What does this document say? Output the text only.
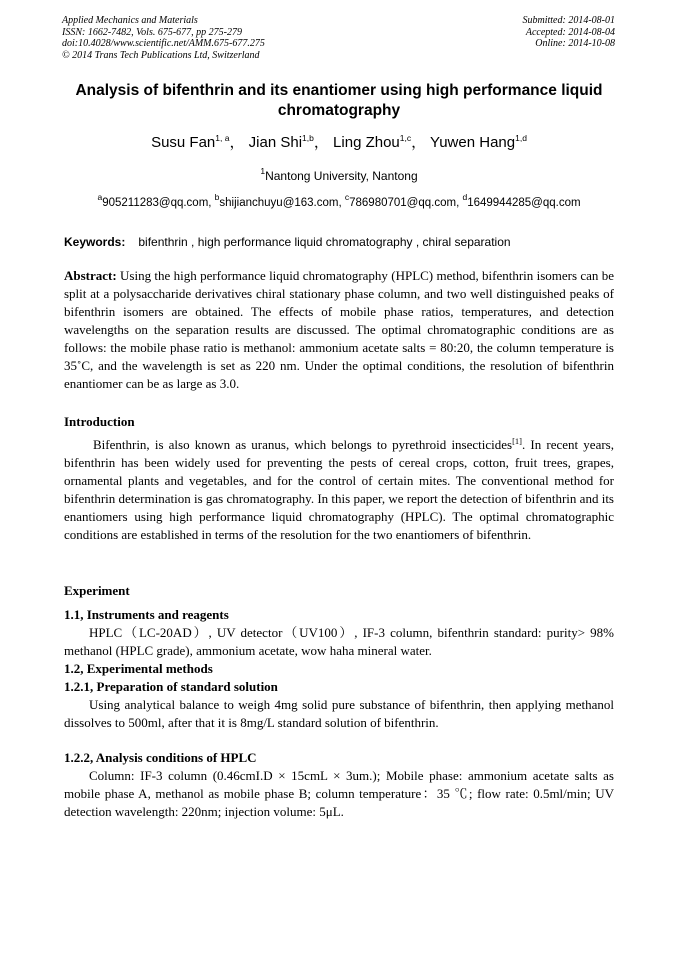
Applied Mechanics and Materials
ISSN: 1662-7482, Vols. 675-677, pp 275-279
doi:10.4028/www.scientific.net/AMM.675-677.275
© 2014 Trans Tech Publications Ltd, Switzerland
Submitted: 2014-08-01
Accepted: 2014-08-04
Online: 2014-10-08
Analysis of bifenthrin and its enantiomer using high performance liquid chromatography
Susu Fan$^{1, a}$， Jian Shi$^{1,b}$， Ling Zhou$^{1,c}$， Yuwen Hang$^{1,d}$
$^1$Nantong University, Nantong
$^a$905211283@qq.com, $^b$shijianchuyu@163.com, $^c$786980701@qq.com, $^d$1649944285@qq.com
Keywords: bifenthrin , high performance liquid chromatography , chiral separation
Abstract: Using the high performance liquid chromatography (HPLC) method, bifenthrin isomers can be split at a polysaccharide derivatives chiral stationary phase column, and two well distinguished peaks of bifenthrin isomers are obtained. The effects of mobile phase ratios, temperatures, and detection wavelengths on the separation results are discussed. The optimal chromatographic conditions are as follows: the mobile phase ratio is methanol: ammonium acetate salts = 80:20, the column temperature is 35˚C, and the wavelength is set as 220 nm. Under the optimal conditions, the resolution of bifenthrin enantiomer can be as large as 3.0.
Introduction
Bifenthrin, is also known as uranus, which belongs to pyrethroid insecticides[1]. In recent years, bifenthrin has been widely used for preventing the pests of cereal crops, cotton, fruit trees, grapes, ornamental plants and vegetables, and for the control of certain mites. The conventional method for bifenthrin determination is gas chromatography. In this paper, we report the detection of bifenthrin and its enantiomers using high performance liquid chromatography (HPLC). The optimal chromatographic conditions are established in terms of the resolution for the two enantiomers of bifenthrin.
Experiment
1.1, Instruments and reagents
HPLC（LC-20AD）, UV detector（UV100）, IF-3 column, bifenthrin standard: purity> 98% methanol (HPLC grade), ammonium acetate, wow haha mineral water.
1.2, Experimental methods
1.2.1, Preparation of standard solution
Using analytical balance to weigh 4mg solid pure substance of bifenthrin, then applying methanol dissolves to 500ml, after that it is 8mg/L standard solution of bifenthrin.
1.2.2, Analysis conditions of HPLC
Column: IF-3 column (0.46cmI.D × 15cmL × 3um.); Mobile phase: ammonium acetate salts as mobile phase A, methanol as mobile phase B; column temperature：35 ℃; flow rate: 0.5ml/min; UV detection wavelength: 220nm; injection volume: 5μL.
